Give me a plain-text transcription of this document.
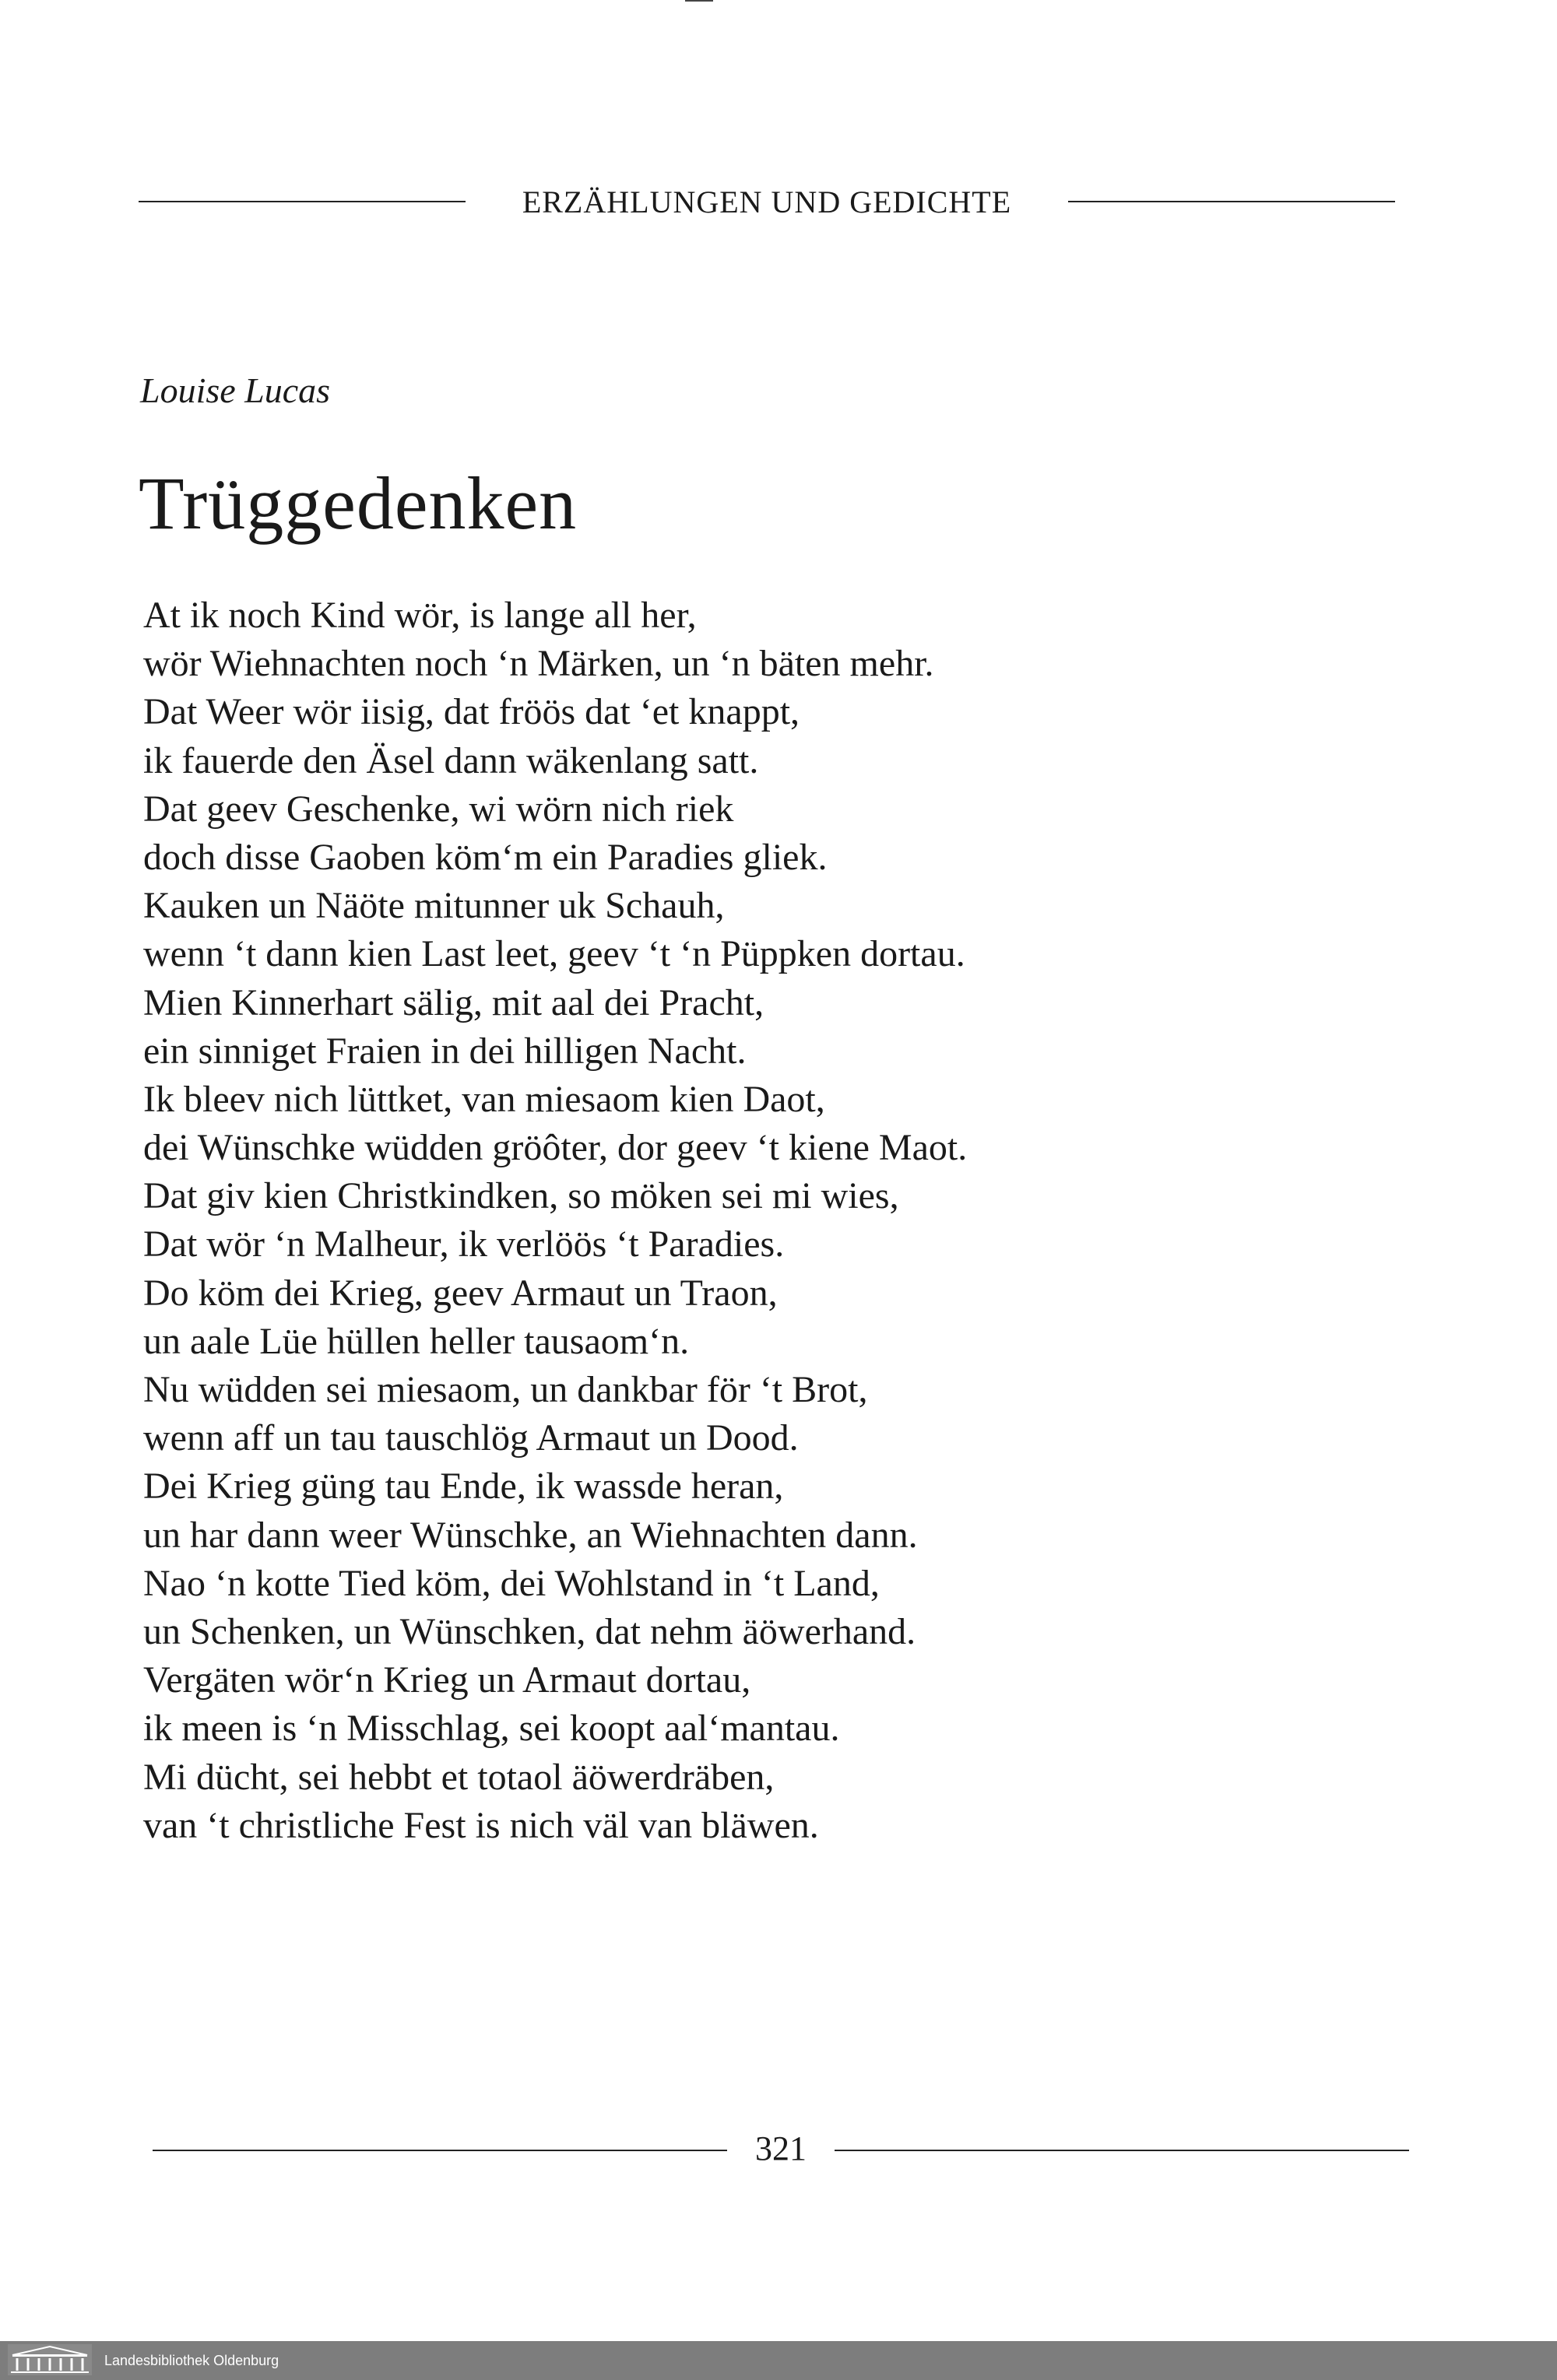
ERZÄHLUNGEN UND GEDICHTE
Louise Lucas
Trüggedenken
At ik noch Kind wör, is lange all her,
wör Wiehnachten noch ‘n Märken, un ‘n bäten mehr.
Dat Weer wör iisig, dat fröös dat ‘et knappt,
ik fauerde den Äsel dann wäkenlang satt.
Dat geev Geschenke, wi wörn nich riek
doch disse Gaoben köm‘m ein Paradies gliek.
Kauken un Näöte mitunner uk Schauh,
wenn ‘t dann kien Last leet, geev ‘t ‘n Püppken dortau.
Mien Kinnerhart sälig, mit aal dei Pracht,
ein sinniget Fraien in dei hilligen Nacht.
Ik bleev nich lüttket, van miesaom kien Daot,
dei Wünschke wüdden gröôter, dor geev ‘t kiene Maot.
Dat giv kien Christkindken, so möken sei mi wies,
Dat wör ‘n Malheur, ik verlöös ‘t Paradies.
Do köm dei Krieg, geev Armaut un Traon,
un aale Lüe hüllen heller tausaom‘n.
Nu wüdden sei miesaom, un dankbar för ‘t Brot,
wenn aff un tau tauschlög Armaut un Dood.
Dei Krieg güng tau Ende, ik wassde heran,
un har dann weer Wünschke, an Wiehnachten dann.
Nao ‘n kotte Tied köm, dei Wohlstand in ‘t Land,
un Schenken, un Wünschken, dat nehm äöwerhand.
Vergäten wör‘n Krieg un Armaut dortau,
ik meen is ‘n Misschlag, sei koopt aal‘mantau.
Mi dücht, sei hebbt et totaol äöwerdräben,
van ‘t christliche Fest is nich väl van bläwen.
321
Landesbibliothek Oldenburg
